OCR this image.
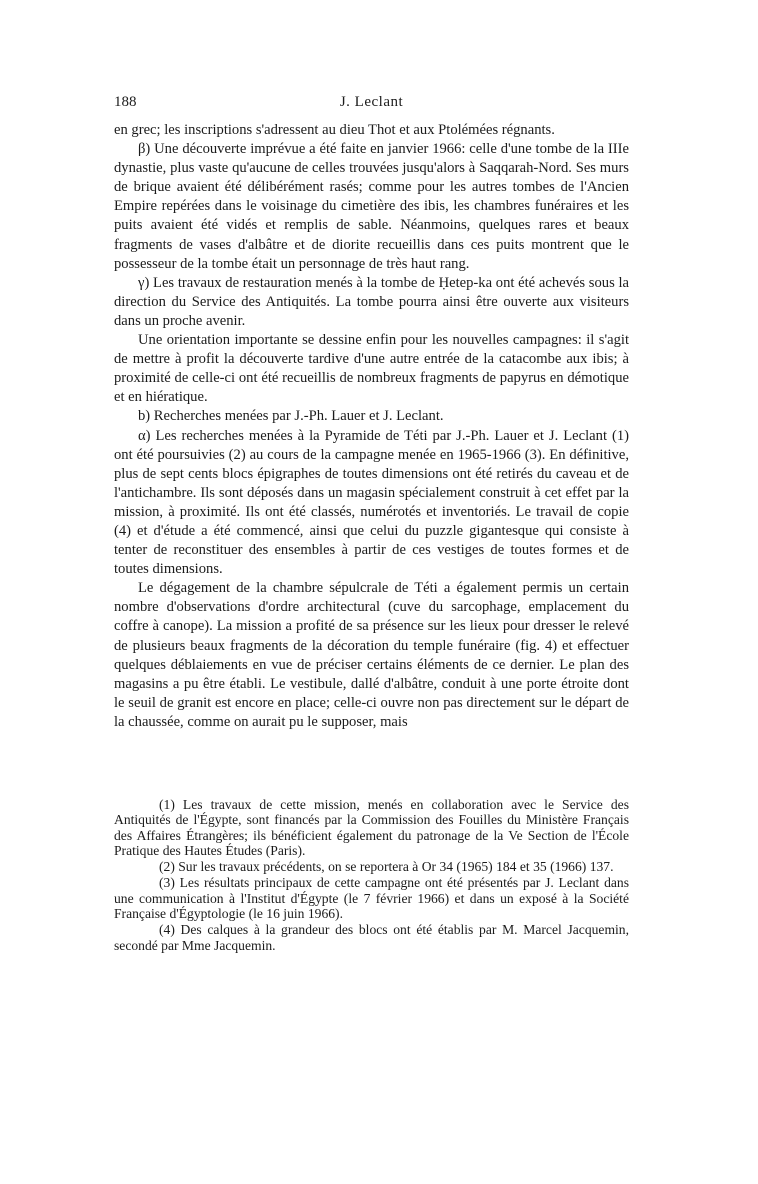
188	J. Leclant

en grec; les inscriptions s'adressent au dieu Thot et aux Ptolémées régnants.

β) Une découverte imprévue a été faite en janvier 1966: celle d'une tombe de la IIIe dynastie, plus vaste qu'aucune de celles trouvées jusqu'alors à Saqqarah-Nord. Ses murs de brique avaient été délibérément rasés; comme pour les autres tombes de l'Ancien Empire repérées dans le voisinage du cimetière des ibis, les chambres funéraires et les puits avaient été vidés et remplis de sable. Néanmoins, quelques rares et beaux fragments de vases d'albâtre et de diorite recueillis dans ces puits montrent que le possesseur de la tombe était un personnage de très haut rang.

γ) Les travaux de restauration menés à la tombe de Ḥetep-ka ont été achevés sous la direction du Service des Antiquités. La tombe pourra ainsi être ouverte aux visiteurs dans un proche avenir.

Une orientation importante se dessine enfin pour les nouvelles campagnes: il s'agit de mettre à profit la découverte tardive d'une autre entrée de la catacombe aux ibis; à proximité de celle-ci ont été recueillis de nombreux fragments de papyrus en démotique et en hiératique.

b) Recherches menées par J.-Ph. Lauer et J. Leclant.

α) Les recherches menées à la Pyramide de Téti par J.-Ph. Lauer et J. Leclant (1) ont été poursuivies (2) au cours de la campagne menée en 1965-1966 (3). En définitive, plus de sept cents blocs épigraphes de toutes dimensions ont été retirés du caveau et de l'antichambre. Ils sont déposés dans un magasin spécialement construit à cet effet par la mission, à proximité. Ils ont été classés, numérotés et inventoriés. Le travail de copie (4) et d'étude a été commencé, ainsi que celui du puzzle gigantesque qui consiste à tenter de reconstituer des ensembles à partir de ces vestiges de toutes formes et de toutes dimensions.

Le dégagement de la chambre sépulcrale de Téti a également permis un certain nombre d'observations d'ordre architectural (cuve du sarcophage, emplacement du coffre à canope). La mission a profité de sa présence sur les lieux pour dresser le relevé de plusieurs beaux fragments de la décoration du temple funéraire (fig. 4) et effectuer quelques déblaiements en vue de préciser certains éléments de ce dernier. Le plan des magasins a pu être établi. Le vestibule, dallé d'albâtre, conduit à une porte étroite dont le seuil de granit est encore en place; celle-ci ouvre non pas directement sur le départ de la chaussée, comme on aurait pu le supposer, mais

(1) Les travaux de cette mission, menés en collaboration avec le Service des Antiquités de l'Égypte, sont financés par la Commission des Fouilles du Ministère Français des Affaires Étrangères; ils bénéficient également du patronage de la Ve Section de l'École Pratique des Hautes Études (Paris).

(2) Sur les travaux précédents, on se reportera à Or 34 (1965) 184 et 35 (1966) 137.

(3) Les résultats principaux de cette campagne ont été présentés par J. Leclant dans une communication à l'Institut d'Égypte (le 7 février 1966) et dans un exposé à la Société Française d'Égyptologie (le 16 juin 1966).

(4) Des calques à la grandeur des blocs ont été établis par M. Marcel Jacquemin, secondé par Mme Jacquemin.
